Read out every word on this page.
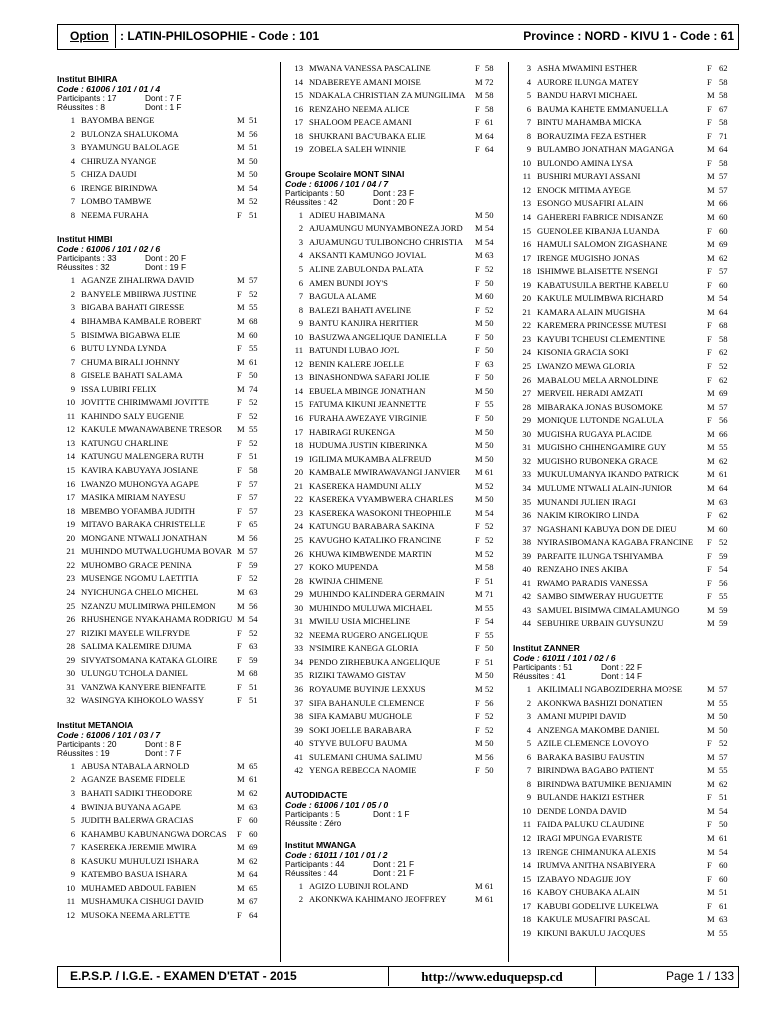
Option : LATIN-PHILOSOPHIE - Code : 101	Province : NORD - KIVU 1 - Code : 61
Institut BIHIRA
Code : 61006 / 101 / 01 / 4
Participants : 17	Dont : 7 F
Réussites : 8	Dont : 1 F
1 BAYOMBA BENGE	M 51
2 BULONZA SHALUKOMA	M 56
3 BYAMUNGU BALOLAGE	M 51
4 CHIRUZA NYANGE	M 50
5 CHIZA DAUDI	M 50
6 IRENGE BIRINDWA	M 54
7 LOMBO TAMBWE	M 52
8 NEEMA FURAHA	F 51
Institut HIMBI
Code : 61006 / 101 / 02 / 6
Participants : 33	Dont : 20 F
Réussites : 32	Dont : 19 F
1 AGANZE ZIHALIRWA DAVID	M 57
2 BANYELE MBIIRWA JUSTINE	F 52
3 BIGABA BAHATI GIRESSE	M 55
4 BIHAMBA KAMBALE ROBERT	M 68
5 BISIMWA BIGABWA ELIE	M 60
6 BUTU LYNDA LYNDA	F 55
7 CHUMA BIRALI JOHNNY	M 61
8 GISELE BAHATI SALAMA	F 50
9 ISSA LUBIRI FELIX	M 74
10 JOVITTE CHIRIMWAMI JOVITTE	F 52
11 KAHINDO SALY EUGENIE	F 52
12 KAKULE MWANAWABENE TRESOR M 55
13 KATUNGU CHARLINE	F 52
14 KATUNGU MALENGERA RUTH	F 51
15 KAVIRA KABUYAYA JOSIANE	F 58
16 LWANZO MUHONGYA AGAPE	F 57
17 MASIKA MIRIAM NAYESU	F 57
18 MBEMBO YOFAMBA JUDITH	F 57
19 MITAVO BARAKA CHRISTELLE	F 65
20 MONGANE NTWALI JONATHAN	M 56
21 MUHINDO MUTWALUGHUMA BOVAR M 57
22 MUHOMBO GRACE PENINA	F 59
23 MUSENGE NGOMU LAETITIA	F 52
24 NYICHUNGA CHELO MICHEL	M 63
25 NZANZU MULIMIRWA PHILEMON M 56
26 RHUSHENGE NYAKAHAMA RODRIGU M 54
27 RIZIKI MAYELE WILFRYDE	F 52
28 SALIMA KALEMIRE DJUMA	F 63
29 SIVYATSOMANA KATAKA GLOIRE F 59
30 ULUNGU TCHOLA DANIEL	M 68
31 VANZWA KANYERE BIENFAITE	F 51
32 WASINGYA KIHOKOLO WASSY	F 51
Institut METANOIA
Code : 61006 / 101 / 03 / 7
Participants : 20	Dont : 8 F
Réussites : 19	Dont : 7 F
1 ABUSA NTABALA ARNOLD	M 65
2 AGANZE BASEME FIDELE	M 61
3 BAHATI SADIKI THEODORE	M 62
4 BWINJA BUYANA AGAPE	M 63
5 JUDITH BALERWA GRACIAS	F 60
6 KAHAMBU KABUNANGWA DORCAS F 60
7 KASEREKA JEREMIE MWIRA	M 69
8 KASUKU MUHULUZI ISHARA	M 62
9 KATEMBO BASUA ISHARA	M 64
10 MUHAMED ABDOUL FABIEN	M 65
11 MUSHAMUKA CISHUGI DAVID	M 67
12 MUSOKA NEEMA ARLETTE	F 64
13 MWANA VANESSA PASCALINE	F 58
14 NDABEREYE AMANI MOISE	M 72
15 NDAKALA CHRISTIAN ZA MUNGILIMA M 58
16 RENZAHO NEEMA ALICE	F 58
17 SHALOOM PEACE AMANI	F 61
18 SHUKRANI BAC'UBAKA ELIE	M 64
19 ZOBELA SALEH WINNIE	F 64
Groupe Scolaire MONT SINAI
Code : 61006 / 101 / 04 / 7
Participants : 50	Dont : 23 F
Réussites : 42	Dont : 20 F
1 ADIEU HABIMANA	M 50
2 AJUAMUNGU MUNYAMBONEZA JORD M 54
3 AJUAMUNGU TULIBONCHO CHRISTIA M 54
4 AKSANTI KAMUNGO JOVIAL	M 63
5 ALINE ZABULONDA PALATA	F 52
6 AMEN BUNDI JOY'S	F 50
7 BAGULA ALAME	M 60
8 BALEZI BAHATI AVELINE	F 52
9 BANTU KANJIRA HERITIER	M 50
10 BASUZWA ANGELIQUE DANIELLA	F 50
11 BATUNDI LUBAO JO?L	F 50
12 BENIN KALERE JOELLE	F 63
13 BINASHONDWA SAFARI JOLIE	F 50
14 EBUELA MBINGE JONATHAN	M 50
15 FATUMA KIKUNI JEANNETTE	F 55
16 FURAHA AWEZAYE VIRGINIE	F 50
17 HABIRAGI RUKENGA	M 50
18 HUDUMA JUSTIN KIBERINKA	M 50
19 IGILIMA MUKAMBA ALFREUD	M 50
20 KAMBALE MWIRAWAVANGI JANVIER M 61
21 KASEREKA HAMDUNI ALLY	M 52
22 KASEREKA VYAMBWERA CHARLES M 50
23 KASEREKA WASOKONI THEOPHILE	M 54
24 KATUNGU BARABARA SAKINA	F 52
25 KAVUGHO KATALIKO FRANCINE	F 52
26 KHUWA KIMBWENDE MARTIN	M 52
27 KOKO MUPENDA	M 58
28 KWINJA CHIMENE	F 51
29 MUHINDO KALINDERA GERMAIN	M 71
30 MUHINDO MULUWA MICHAEL	M 55
31 MWILU USIA MICHELINE	F 54
32 NEEMA RUGERO ANGELIQUE	F 55
33 N'SIMIRE KANEGA GLORIA	F 50
34 PENDO ZIRHEBUKA ANGELIQUE	F 51
35 RIZIKI TAWAMO GISTAV	M 50
36 ROYAUME BUYINJE LEXXUS	M 52
37 SIFA BAHANULE CLEMENCE	F 56
38 SIFA KAMABU MUGHOLE	F 52
39 SOKI JOELLE BARABARA	F 52
40 STYVE BULOFU BAUMA	M 50
41 SULEMANI CHUMA SALIMU	M 56
42 YENGA REBECCA NAOMIE	F 50
AUTODIDACTE
Code : 61006 / 101 / 05 / 0
Participants : 5	Dont : 1 F
Réussite : Zéro
Institut MWANGA
Code : 61011 / 101 / 01 / 2
Participants : 44	Dont : 21 F
Réussites : 44	Dont : 21 F
1 AGIZO LUBINJI ROLAND	M 61
2 AKONKWA KAHIMANO JEOFFREY	M 61
3 ASHA MWAMINI ESTHER	F 62
4 AURORE ILUNGA MATEY	F 58
5 BANDU HARVI MICHAEL	M 58
6 BAUMA KAHETE EMMANUELLA	F 67
7 BINTU MAHAMBA MICKA	F 58
8 BORAUZIMA FEZA ESTHER	F 71
9 BULAMBO JONATHAN MAGANGA	M 64
10 BULONDO AMINA LYSA	F 58
11 BUSHIRI MURAYI ASSANI	M 57
12 ENOCK MITIMA AYEGE	M 57
13 ESONGO MUSAFIRI ALAIN	M 66
14 GAHERERI FABRICE NDISANZE	M 60
15 GUENOLEE KIBANJA LUANDA	F 60
16 HAMULI SALOMON ZIGASHANE	M 69
17 IRENGE MUGISHO JONAS	M 62
18 ISHIMWE BLAISETTE N'SENGI	F 57
19 KABATUSUILA BERTHE KABELU	F 60
20 KAKULE MULIMBWA RICHARD	M 54
21 KAMARA ALAIN MUGISHA	M 64
22 KAREMERA PRINCESSE MUTESI	F 68
23 KAYUBI TCHEUSI CLEMENTINE	F 58
24 KISONIA GRACIA SOKI	F 62
25 LWANZO MEWA GLORIA	F 52
26 MABALOU MELA ARNOLDINE	F 62
27 MERVEIL HERADI AMZATI	M 69
28 MIBARAKA JONAS BUSOMOKE	M 57
29 MONIQUE LUTONDE NGALULA	F 56
30 MUGISHA RUGAYA PLACIDE	M 66
31 MUGISHO CHIHENGAMIRE GUY	M 55
32 MUGISHO RUBONEKA GRACE	M 62
33 MUKULUMANYA IKANDO PATRICK	M 61
34 MULUME NTWALI ALAIN-JUNIOR	M 64
35 MUNANDI JULIEN IRAGI	M 63
36 NAKIM KIROKIRO LINDA	F 62
37 NGASHANI KABUYA DON DE DIEU	M 60
38 NYIRASIBOMANA KAGABA FRANCINE F 52
39 PARFAITE ILUNGA TSHIYAMBA	F 59
40 RENZAHO INES AKIBA	F 54
41 RWAMO PARADIS VANESSA	F 56
42 SAMBO SIMWERAY HUGUETTE	F 55
43 SAMUEL BISIMWA CIMALAMUNGO	M 59
44 SEBUHIRE URBAIN GUYSUNZU	M 59
Institut ZANNER
Code : 61011 / 101 / 02 / 6
Participants : 51	Dont : 22 F
Réussites : 41	Dont : 14 F
1 AKILIMALI NGABOZIDERHA MO?SE	M 57
2 AKONKWA BASHIZI DONATIEN	M 55
3 AMANI MUPIPI DAVID	M 50
4 ANZENGA MAKOMBE DANIEL	M 50
5 AZILE CLEMENCE LOVOYO	F 52
6 BARAKA BASIBU FAUSTIN	M 57
7 BIRINDWA BAGABO PATIENT	M 55
8 BIRINDWA BATUMIKE BENJAMIN	M 62
9 BULANDE HAKIZI ESTHER	F 51
10 DENDE LONDA DAVID	M 54
11 FAIDA PALUKU CLAUDINE	F 50
12 IRAGI MPUNGA EVARISTE	M 61
13 IRENGE CHIMANUKA ALEXIS	M 54
14 IRUMVA ANITHA NSABIYERA	F 60
15 IZABAYO NDAGIJE JOY	F 60
16 KABOY CHUBAKA ALAIN	M 51
17 KABUBI GODELIVE LUKELWA	F 61
18 KAKULE MUSAFIRI PASCAL	M 63
19 KIKUNI BAKULU JACQUES	M 55
E.P.S.P. / I.G.E. - EXAMEN D'ETAT - 2015	http://www.eduquepsp.cd	Page 1 / 133
